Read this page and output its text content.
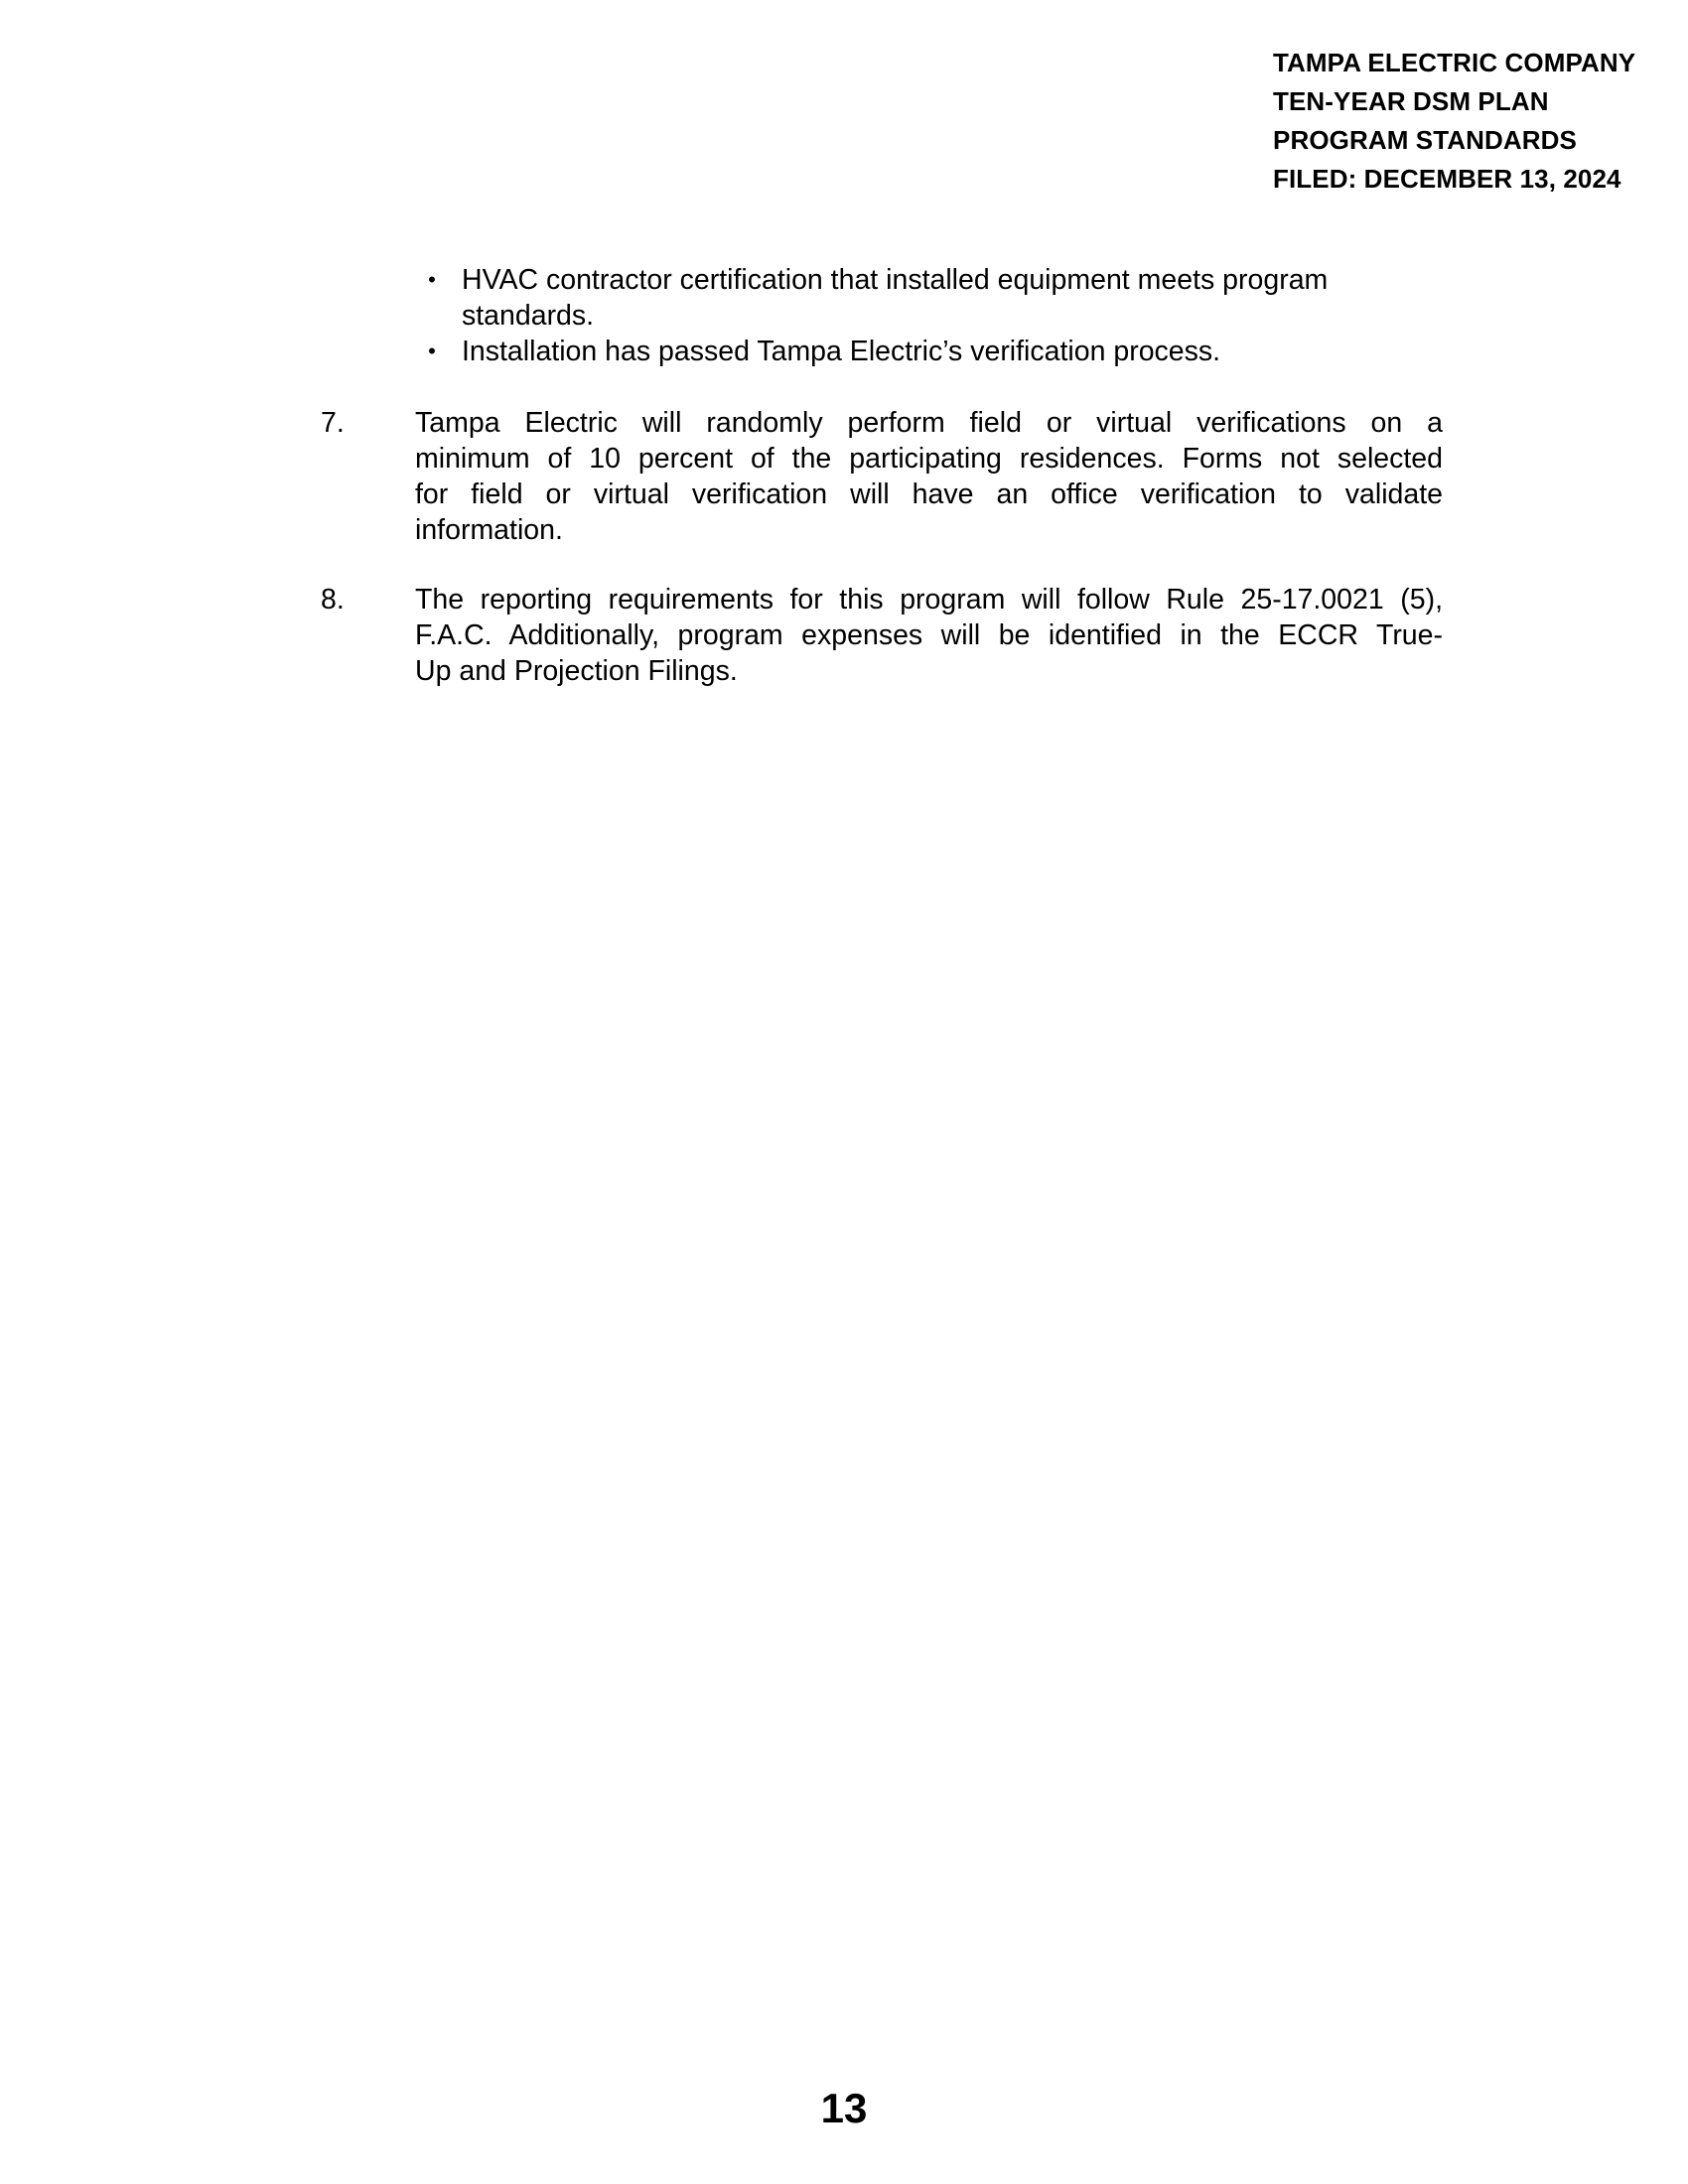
TAMPA ELECTRIC COMPANY
TEN-YEAR DSM PLAN
PROGRAM STANDARDS
FILED: DECEMBER 13, 2024
• HVAC contractor certification that installed equipment meets program
standards.
• Installation has passed Tampa Electric’s verification process.
7.	Tampa Electric will randomly perform field or virtual verifications on a
minimum of 10 percent of the participating residences. Forms not selected
for field or virtual verification will have an office verification to validate
information.
8.	The reporting requirements for this program will follow Rule 25-17.0021 (5),
F.A.C. Additionally, program expenses will be identified in the ECCR True-
Up and Projection Filings.
13
